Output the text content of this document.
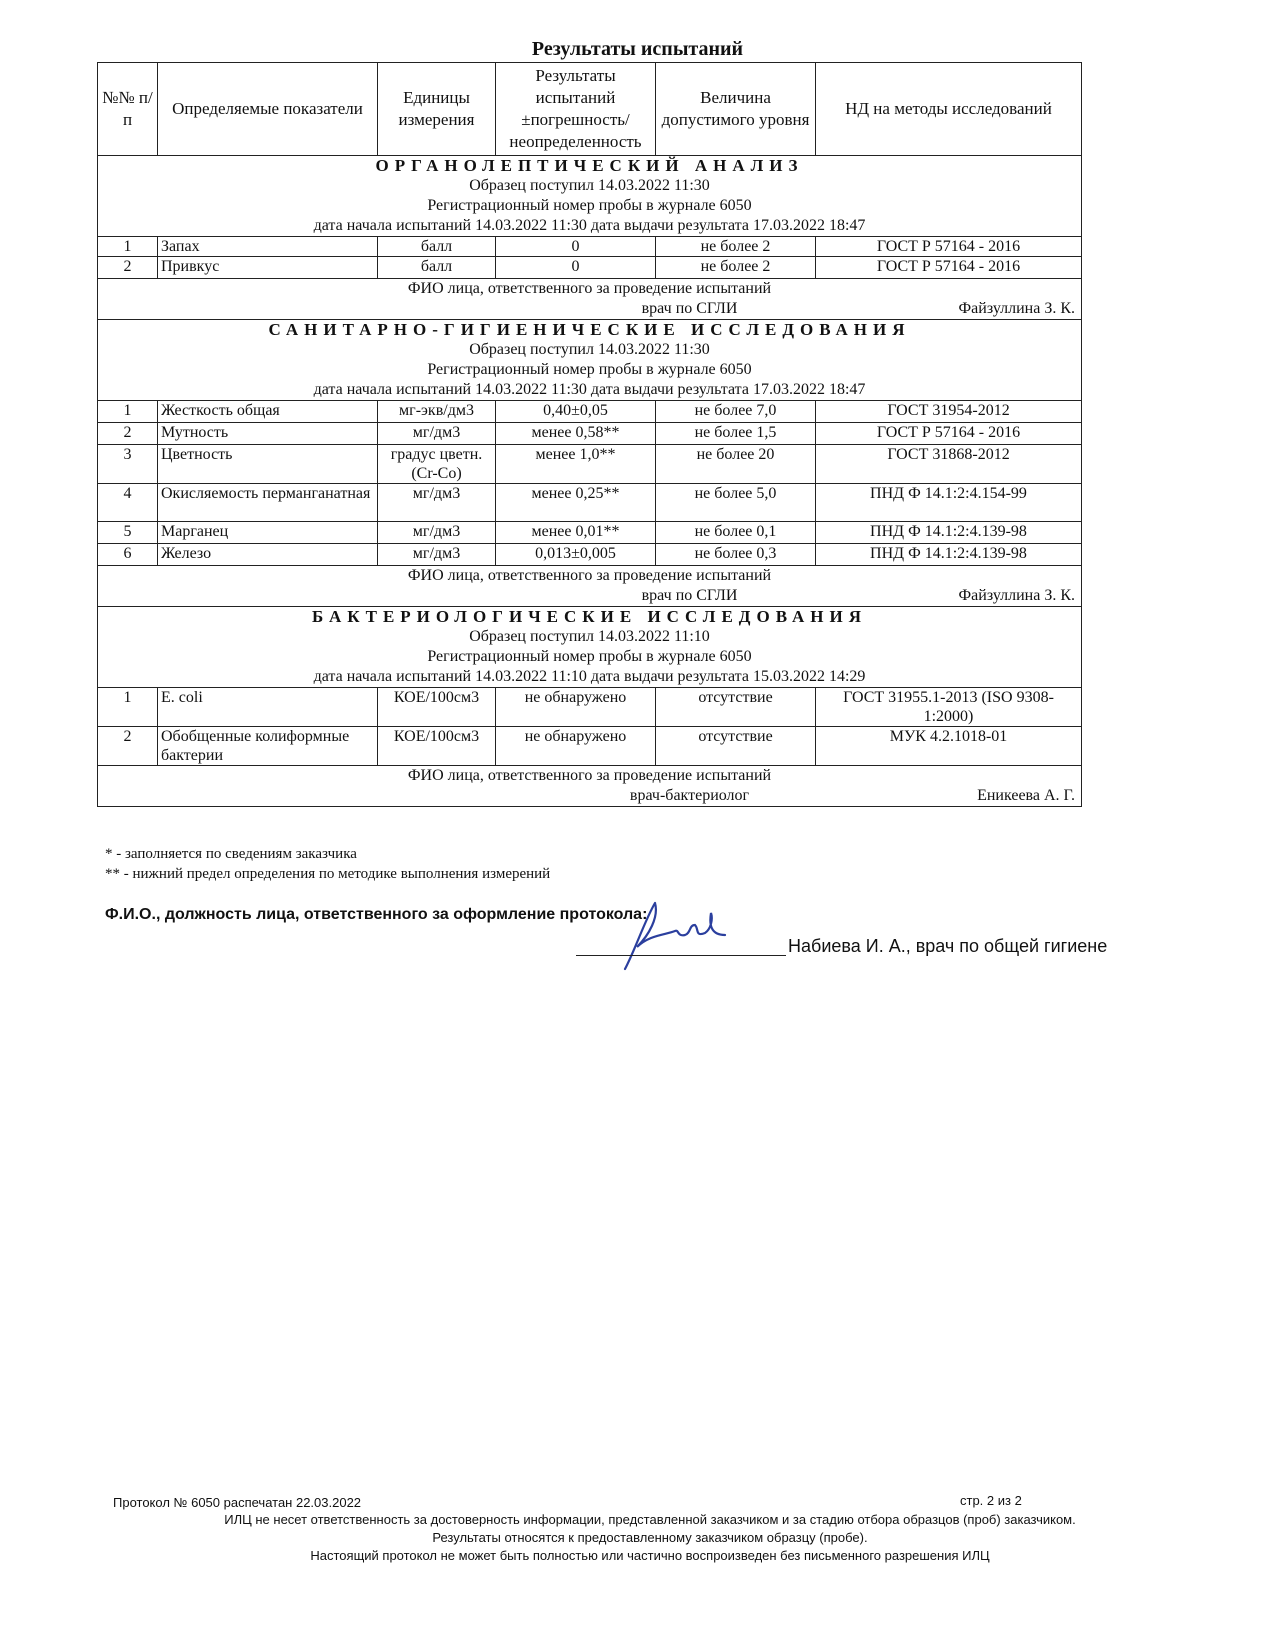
Результаты испытаний
№№ п/п	Определяемые показатели	Единицы измерения	Результаты испытаний ±погрешность/ неопределенность	Величина допустимого уровня	НД на методы исследований

ОРГАНОЛЕПТИЧЕСКИЙ АНАЛИЗ
Образец поступил 14.03.2022 11:30
Регистрационный номер пробы в журнале 6050
дата начала испытаний 14.03.2022 11:30 дата выдачи результата 17.03.2022 18:47					

1	Запах	балл	0	не более 2	ГОСТ Р 57164 - 2016
2	Привкус	балл	0	не более 2	ГОСТ Р 57164 - 2016

ФИО лица, ответственного за проведение испытаний
врач по СГЛИ Файзуллина З. К.					

САНИТАРНО-ГИГИЕНИЧЕСКИЕ ИССЛЕДОВАНИЯ
Образец поступил 14.03.2022 11:30
Регистрационный номер пробы в журнале 6050
дата начала испытаний 14.03.2022 11:30 дата выдачи результата 17.03.2022 18:47					

1	Жесткость общая	мг-экв/дм3	0,40±0,05	не более 7,0	ГОСТ 31954-2012
2	Мутность	мг/дм3	менее 0,58**	не более 1,5	ГОСТ Р 57164 - 2016
3	Цветность	градус цветн.(Cr-Co)	менее 1,0**	не более 20	ГОСТ 31868-2012
4	Окисляемость перманганатная	мг/дм3	менее 0,25**	не более 5,0	ПНД Ф 14.1:2:4.154-99
5	Марганец	мг/дм3	менее 0,01**	не более 0,1	ПНД Ф 14.1:2:4.139-98
6	Железо	мг/дм3	0,013±0,005	не более 0,3	ПНД Ф 14.1:2:4.139-98

ФИО лица, ответственного за проведение испытаний
врач по СГЛИ Файзуллина З. К.					

БАКТЕРИОЛОГИЧЕСКИЕ ИССЛЕДОВАНИЯ
Образец поступил 14.03.2022 11:10
Регистрационный номер пробы в журнале 6050
дата начала испытаний 14.03.2022 11:10 дата выдачи результата 15.03.2022 14:29					

1	E. coli	КОЕ/100см3	не обнаружено	отсутствие	ГОСТ 31955.1-2013 (ISO 9308-1:2000)
2	Обобщенные колиформные бактерии	КОЕ/100см3	не обнаружено	отсутствие	МУК 4.2.1018-01

ФИО лица, ответственного за проведение испытаний
врач-бактериолог Еникеева А. Г.					
* - заполняется по сведениям заказчика
** - нижний предел определения по методике выполнения измерений
Ф.И.О., должность лица, ответственного за оформление протокола:
Набиева И. А., врач по общей гигиене
Протокол № 6050 распечатан 22.03.2022	стр. 2 из 2
ИЛЦ не несет ответственность за достоверность информации, представленной заказчиком и за стадию отбора образцов (проб) заказчиком.
Результаты относятся к предоставленному заказчиком образцу (пробе).
Настоящий протокол не может быть полностью или частично воспроизведен без письменного разрешения ИЛЦ
